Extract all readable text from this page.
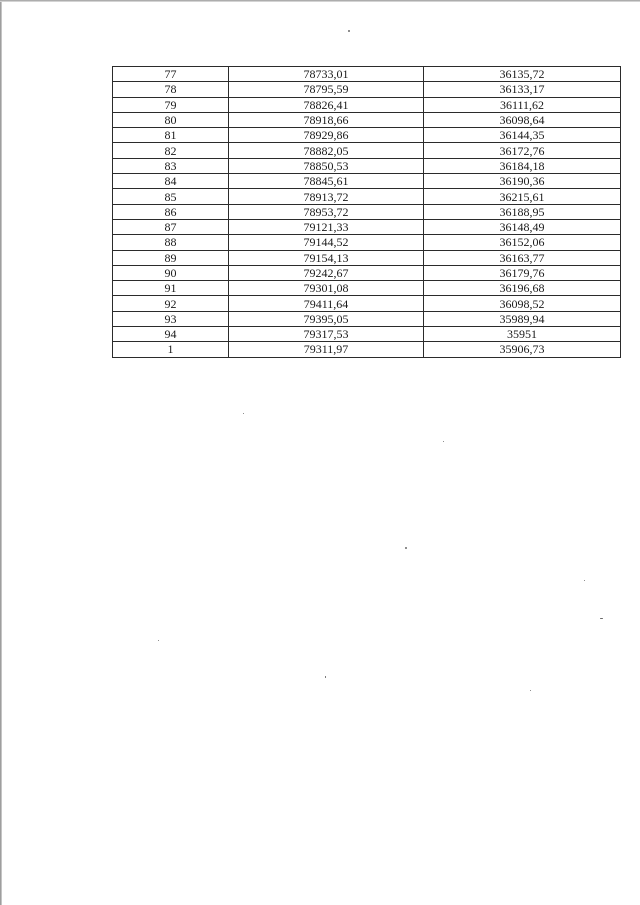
77	78733,01	36135,72
78	78795,59	36133,17
79	78826,41	36111,62
80	78918,66	36098,64
81	78929,86	36144,35
82	78882,05	36172,76
83	78850,53	36184,18
84	78845,61	36190,36
85	78913,72	36215,61
86	78953,72	36188,95
87	79121,33	36148,49
88	79144,52	36152,06
89	79154,13	36163,77
90	79242,67	36179,76
91	79301,08	36196,68
92	79411,64	36098,52
93	79395,05	35989,94
94	79317,53	35951
1	79311,97	35906,73
